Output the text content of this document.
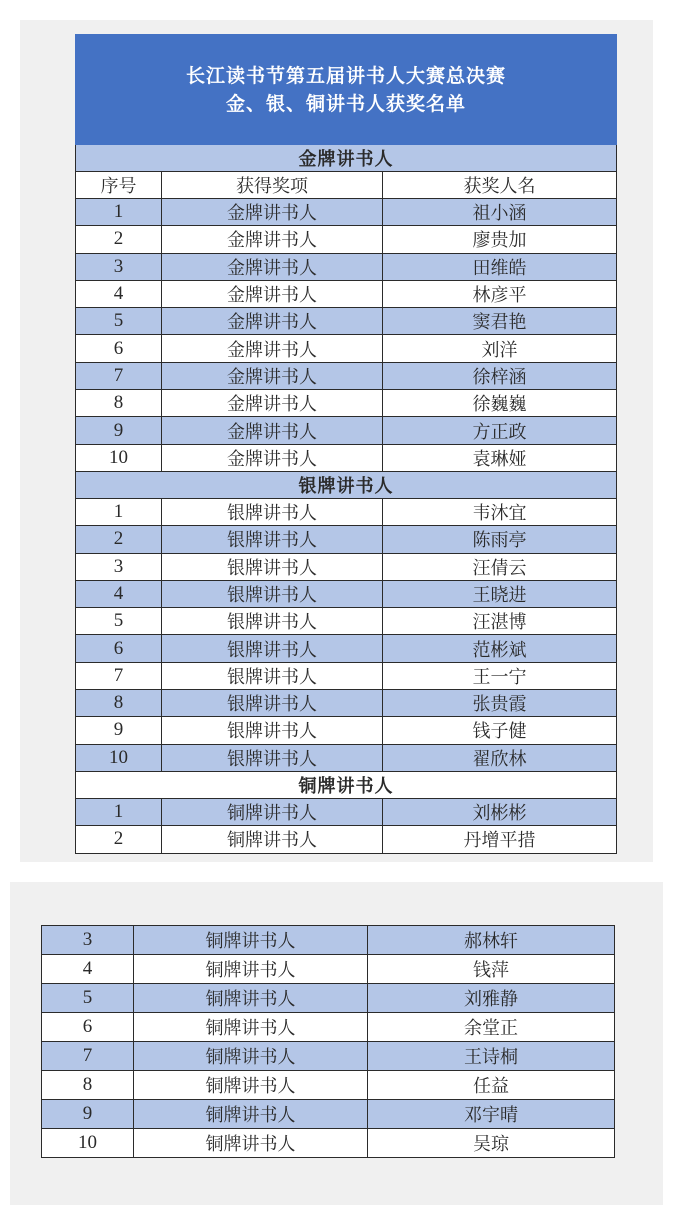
长江读书节第五届讲书人大赛总决赛
金、银、铜讲书人获奖名单		

金牌讲书人		
序号	获得奖项	获奖人名
1	金牌讲书人	祖小涵
2	金牌讲书人	廖贵加
3	金牌讲书人	田维皓
4	金牌讲书人	林彦平
5	金牌讲书人	窦君艳
6	金牌讲书人	刘洋
7	金牌讲书人	徐梓涵
8	金牌讲书人	徐巍巍
9	金牌讲书人	方正政
10	金牌讲书人	袁琳娅
银牌讲书人		
1	银牌讲书人	韦沐宜
2	银牌讲书人	陈雨亭
3	银牌讲书人	汪倩云
4	银牌讲书人	王晓进
5	银牌讲书人	汪湛博
6	银牌讲书人	范彬斌
7	银牌讲书人	王一宁
8	银牌讲书人	张贵霞
9	银牌讲书人	钱子健
10	银牌讲书人	翟欣林
铜牌讲书人		
1	铜牌讲书人	刘彬彬
2	铜牌讲书人	丹增平措
3	铜牌讲书人	郝林轩
4	铜牌讲书人	钱萍
5	铜牌讲书人	刘雅静
6	铜牌讲书人	余堂正
7	铜牌讲书人	王诗桐
8	铜牌讲书人	任益
9	铜牌讲书人	邓宇晴
10	铜牌讲书人	吴琼
